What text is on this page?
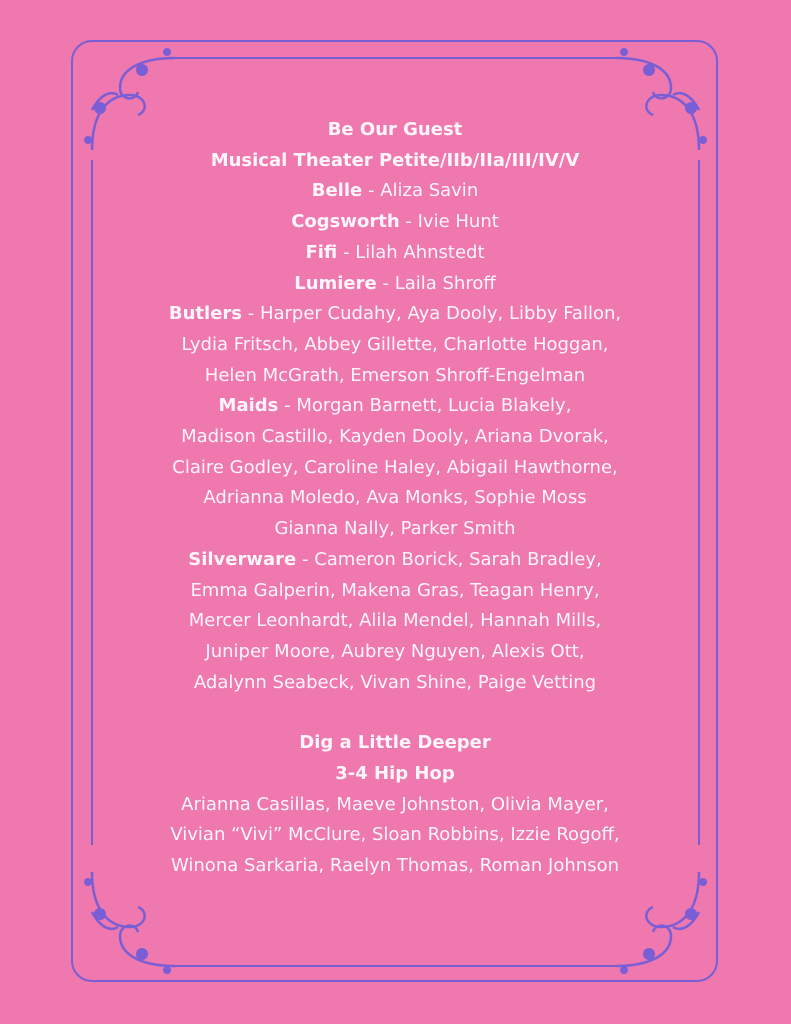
Be Our Guest
Musical Theater Petite/IIb/IIa/III/IV/V
Belle - Aliza Savin
Cogsworth - Ivie Hunt
Fifi - Lilah Ahnstedt
Lumiere - Laila Shroff
Butlers - Harper Cudahy, Aya Dooly, Libby Fallon,
Lydia Fritsch, Abbey Gillette, Charlotte Hoggan,
Helen McGrath, Emerson Shroff-Engelman
Maids - Morgan Barnett, Lucia Blakely,
Madison Castillo, Kayden Dooly, Ariana Dvorak,
Claire Godley, Caroline Haley, Abigail Hawthorne,
Adrianna Moledo, Ava Monks, Sophie Moss
Gianna Nally, Parker Smith
Silverware - Cameron Borick, Sarah Bradley,
Emma Galperin, Makena Gras, Teagan Henry,
Mercer Leonhardt, Alila Mendel, Hannah Mills,
Juniper Moore, Aubrey Nguyen, Alexis Ott,
Adalynn Seabeck, Vivan Shine, Paige Vetting
Dig a Little Deeper
3-4 Hip Hop
Arianna Casillas, Maeve Johnston, Olivia Mayer,
Vivian “Vivi” McClure, Sloan Robbins, Izzie Rogoff,
Winona Sarkaria, Raelyn Thomas, Roman Johnson
